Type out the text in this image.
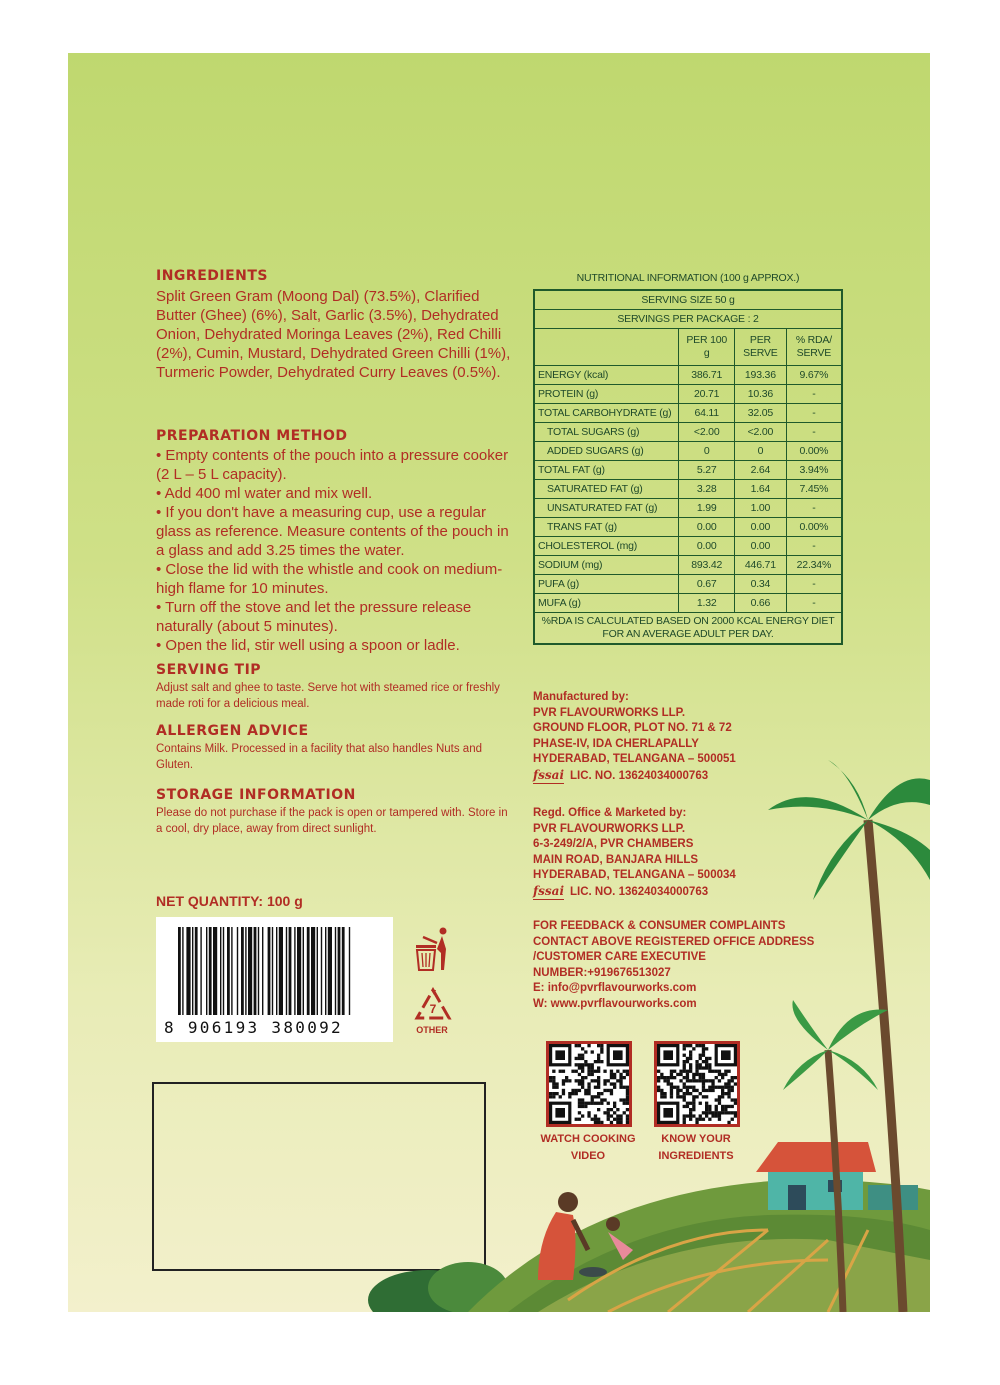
INGREDIENTS

Split Green Gram (Moong Dal) (73.5%), Clarified Butter (Ghee) (6%), Salt, Garlic (3.5%), Dehydrated Onion, Dehydrated Moringa Leaves (2%), Red Chilli (2%), Cumin, Mustard, Dehydrated Green Chilli (1%), Turmeric Powder, Dehydrated Curry Leaves (0.5%).

PREPARATION METHOD
• Empty contents of the pouch into a pressure cooker (2 L – 5 L capacity).
• Add 400 ml water and mix well.
• If you don't have a measuring cup, use a regular glass as reference. Measure contents of the pouch in a glass and add 3.25 times the water.
• Close the lid with the whistle and cook on medium-high flame for 10 minutes.
• Turn off the stove and let the pressure release naturally (about 5 minutes).
• Open the lid, stir well using a spoon or ladle.
SERVING TIP

Adjust salt and ghee to taste. Serve hot with steamed rice or freshly made roti for a delicious meal.

ALLERGEN ADVICE

Contains Milk. Processed in a facility that also handles Nuts and Gluten.

STORAGE INFORMATION

Please do not purchase if the pack is open or tampered with. Store in a cool, dry place, away from direct sunlight.

NET QUANTITY: 100 g
8 906193 380092
7
OTHER
NUTRITIONAL INFORMATION (100 g APPROX.)
SERVING SIZE 50 g			
SERVINGS PER PACKAGE : 2			
	PER 100 g	PER SERVE	% RDA/ SERVE
ENERGY (kcal)	386.71	193.36	9.67%
PROTEIN (g)	20.71	10.36	-
TOTAL CARBOHYDRATE (g)	64.11	32.05	-
TOTAL SUGARS (g)	<2.00	<2.00	-
ADDED SUGARS (g)	0	0	0.00%
TOTAL FAT (g)	5.27	2.64	3.94%
SATURATED FAT (g)	3.28	1.64	7.45%
UNSATURATED FAT (g)	1.99	1.00	-
TRANS FAT (g)	0.00	0.00	0.00%
CHOLESTEROL (mg)	0.00	0.00	-
SODIUM (mg)	893.42	446.71	22.34%
PUFA (g)	0.67	0.34	-
MUFA (g)	1.32	0.66	-
%RDA IS CALCULATED BASED ON 2000 KCAL ENERGY DIET FOR AN AVERAGE ADULT PER DAY.			
Manufactured by:
PVR FLAVOURWORKS LLP.
GROUND FLOOR, PLOT NO. 71 & 72
PHASE-IV, IDA CHERLAPALLY
HYDERABAD, TELANGANA – 500051
fssai LIC. NO. 13624034000763
Regd. Office & Marketed by:
PVR FLAVOURWORKS LLP.
6-3-249/2/A, PVR CHAMBERS
MAIN ROAD, BANJARA HILLS
HYDERABAD, TELANGANA – 500034
fssai LIC. NO. 13624034000763
FOR FEEDBACK & CONSUMER COMPLAINTS
CONTACT ABOVE REGISTERED OFFICE ADDRESS
/CUSTOMER CARE EXECUTIVE
NUMBER:+919676513027
E: info@pvrflavourworks.com
W: www.pvrflavourworks.com
WATCH COOKING
VIDEO
KNOW YOUR
INGREDIENTS
